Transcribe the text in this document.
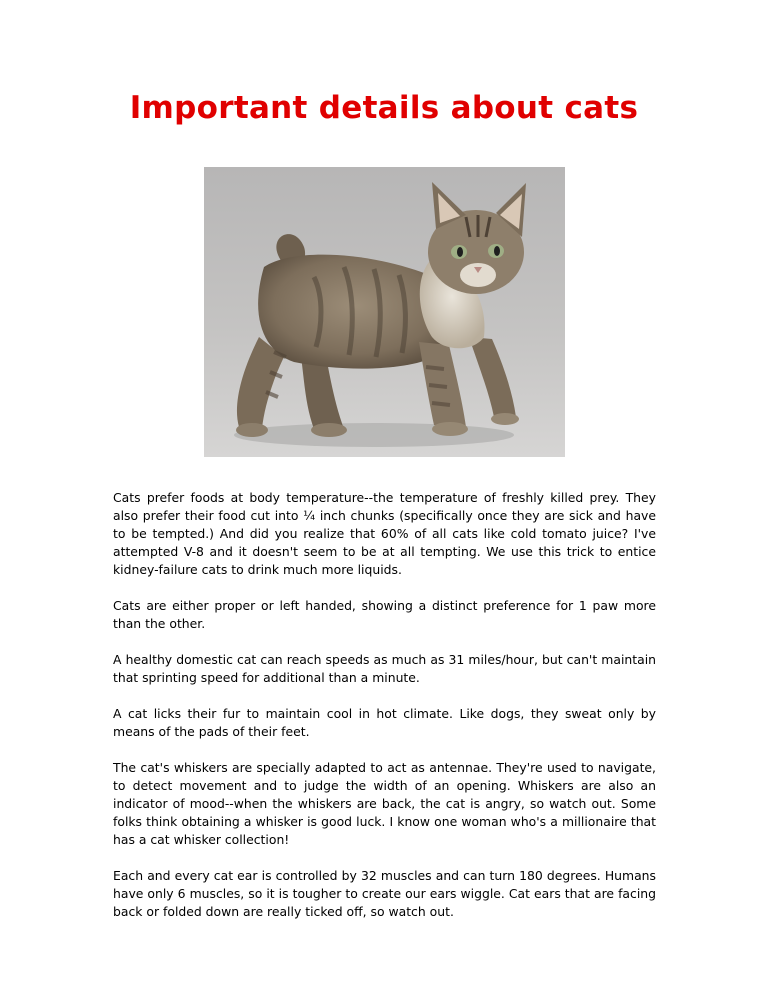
Important details about cats

Cats prefer foods at body temperature--the temperature of freshly killed prey. They also prefer their food cut into ¼ inch chunks (specifically once they are sick and have to be tempted.) And did you realize that 60% of all cats like cold tomato juice? I've attempted V-8 and it doesn't seem to be at all tempting. We use this trick to entice kidney-failure cats to drink much more liquids.

Cats are either proper or left handed, showing a distinct preference for 1 paw more than the other.

A healthy domestic cat can reach speeds as much as 31 miles/hour, but can't maintain that sprinting speed for additional than a minute.

A cat licks their fur to maintain cool in hot climate. Like dogs, they sweat only by means of the pads of their feet.

The cat's whiskers are specially adapted to act as antennae. They're used to navigate, to detect movement and to judge the width of an opening. Whiskers are also an indicator of mood--when the whiskers are back, the cat is angry, so watch out. Some folks think obtaining a whisker is good luck. I know one woman who's a millionaire that has a cat whisker collection!

Each and every cat ear is controlled by 32 muscles and can turn 180 degrees. Humans have only 6 muscles, so it is tougher to create our ears wiggle. Cat ears that are facing back or folded down are really ticked off, so watch out.
